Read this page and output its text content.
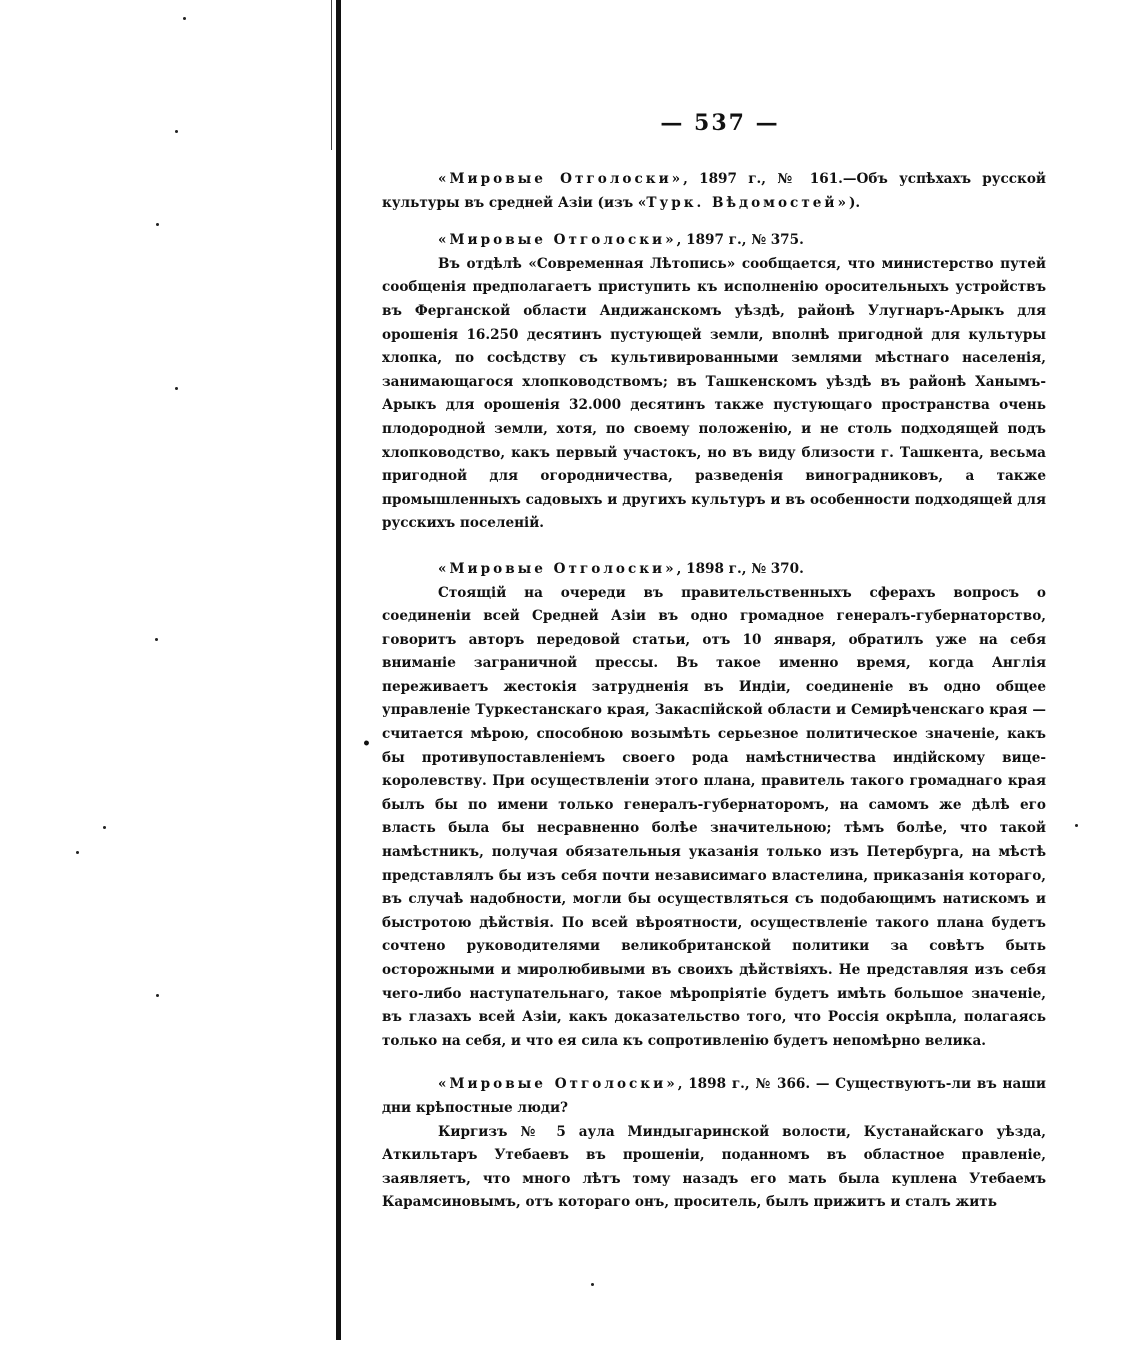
— 537 —
•

«Мировые Отголоски», 1897 г., № 161.—Объ успѣхахъ русской культуры въ средней Азіи (изъ «Турк. Вѣдомостей»).

«Мировые Отголоски», 1897 г., № 375.

Въ отдѣлѣ «Современная Лѣтопись» сообщается, что министерство путей сообщенія предполагаетъ приступить къ исполненію оросительныхъ устройствъ въ Ферганской области Андижанскомъ уѣздѣ, районѣ Улугнаръ-Арыкъ для орошенія 16.250 десятинъ пустующей земли, вполнѣ пригодной для культуры хлопка, по сосѣдству съ культивированными землями мѣстнаго населенія, занимающагося хлопководствомъ; въ Ташкенскомъ уѣздѣ въ районѣ Ханымъ-Арыкъ для орошенія 32.000 десятинъ также пустующаго пространства очень плодородной земли, хотя, по своему положенію, и не столь подходящей подъ хлопководство, какъ первый участокъ, но въ виду близости г. Ташкента, весьма пригодной для огородничества, разведенія виноградниковъ, а также промышленныхъ садовыхъ и другихъ культуръ и въ особенности подходящей для русскихъ поселеній.

«Мировые Отголоски», 1898 г., № 370.

Стоящій на очереди въ правительственныхъ сферахъ вопросъ о соединеніи всей Средней Азіи въ одно громадное генералъ-губернаторство, говоритъ авторъ передовой статьи, отъ 10 января, обратилъ уже на себя вниманіе заграничной прессы. Въ такое именно время, когда Англія переживаетъ жестокія затрудненія въ Индіи, соединеніе въ одно общее управленіе Туркестанскаго края, Закаспійской области и Семирѣченскаго края — считается мѣрою, способною возымѣть серьезное политическое значеніе, какъ бы противупоставленіемъ своего рода намѣстничества индійскому вице-королевству. При осуществленіи этого плана, правитель такого громаднаго края былъ бы по имени только генералъ-губернаторомъ, на самомъ же дѣлѣ его власть была бы несравненно болѣе значительною; тѣмъ болѣе, что такой намѣстникъ, получая обязательныя указанія только изъ Петербурга, на мѣстѣ представлялъ бы изъ себя почти независимаго властелина, приказанія котораго, въ случаѣ надобности, могли бы осуществляться съ подобающимъ натискомъ и быстротою дѣйствія. По всей вѣроятности, осуществленіе такого плана будетъ сочтено руководителями великобританской политики за совѣтъ быть осторожными и миролюбивыми въ своихъ дѣйствіяхъ. Не представляя изъ себя чего-либо наступательнаго, такое мѣропріятіе будетъ имѣть большое значеніе, въ глазахъ всей Азіи, какъ доказательство того, что Россія окрѣпла, полагаясь только на себя, и что ея сила къ сопротивленію будетъ непомѣрно велика.

«Мировые Отголоски», 1898 г., № 366. — Существуютъ-ли въ наши дни крѣпостные люди?

Киргизъ № 5 аула Миндыгаринской волости, Кустанайскаго уѣзда, Аткильтаръ Утебаевъ въ прошеніи, поданномъ въ областное правленіе, заявляетъ, что много лѣтъ тому назадъ его мать была куплена Утебаемъ Карамсиновымъ, отъ котораго онъ, проситель, былъ прижитъ и сталъ жить
